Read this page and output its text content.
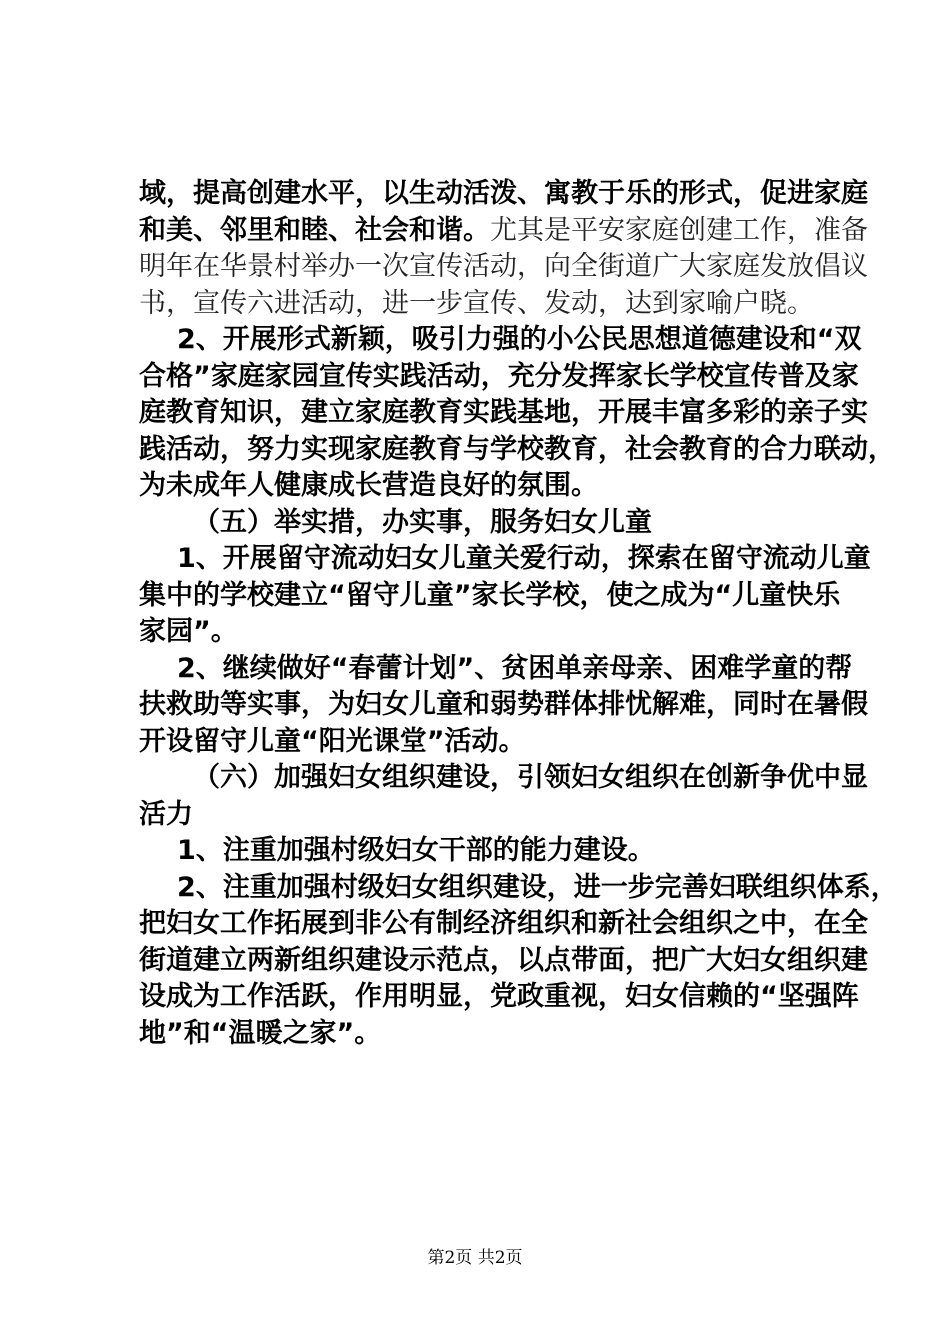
域，提高创建水平，以生动活泼、寓教于乐的形式，促进家庭
和美、邻里和睦、社会和谐。尤其是平安家庭创建工作，准备
明年在华景村举办一次宣传活动，向全街道广大家庭发放倡议
书，宣传六进活动，进一步宣传、发动，达到家喻户晓。
2、开展形式新颖，吸引力强的小公民思想道德建设和“双
合格”家庭家园宣传实践活动，充分发挥家长学校宣传普及家
庭教育知识，建立家庭教育实践基地，开展丰富多彩的亲子实
践活动，努力实现家庭教育与学校教育，社会教育的合力联动，
为未成年人健康成长营造良好的氛围。
（五）举实措，办实事，服务妇女儿童
1、开展留守流动妇女儿童关爱行动，探索在留守流动儿童
集中的学校建立“留守儿童”家长学校，使之成为“儿童快乐
家园”。
2、继续做好“春蕾计划”、贫困单亲母亲、困难学童的帮
扶救助等实事，为妇女儿童和弱势群体排忧解难，同时在暑假
开设留守儿童“阳光课堂”活动。
（六）加强妇女组织建设，引领妇女组织在创新争优中显
活力
1、注重加强村级妇女干部的能力建设。
2、注重加强村级妇女组织建设，进一步完善妇联组织体系，
把妇女工作拓展到非公有制经济组织和新社会组织之中，在全
街道建立两新组织建设示范点，以点带面，把广大妇女组织建
设成为工作活跃，作用明显，党政重视，妇女信赖的“坚强阵
地”和“温暖之家”。
第2页 共2页
